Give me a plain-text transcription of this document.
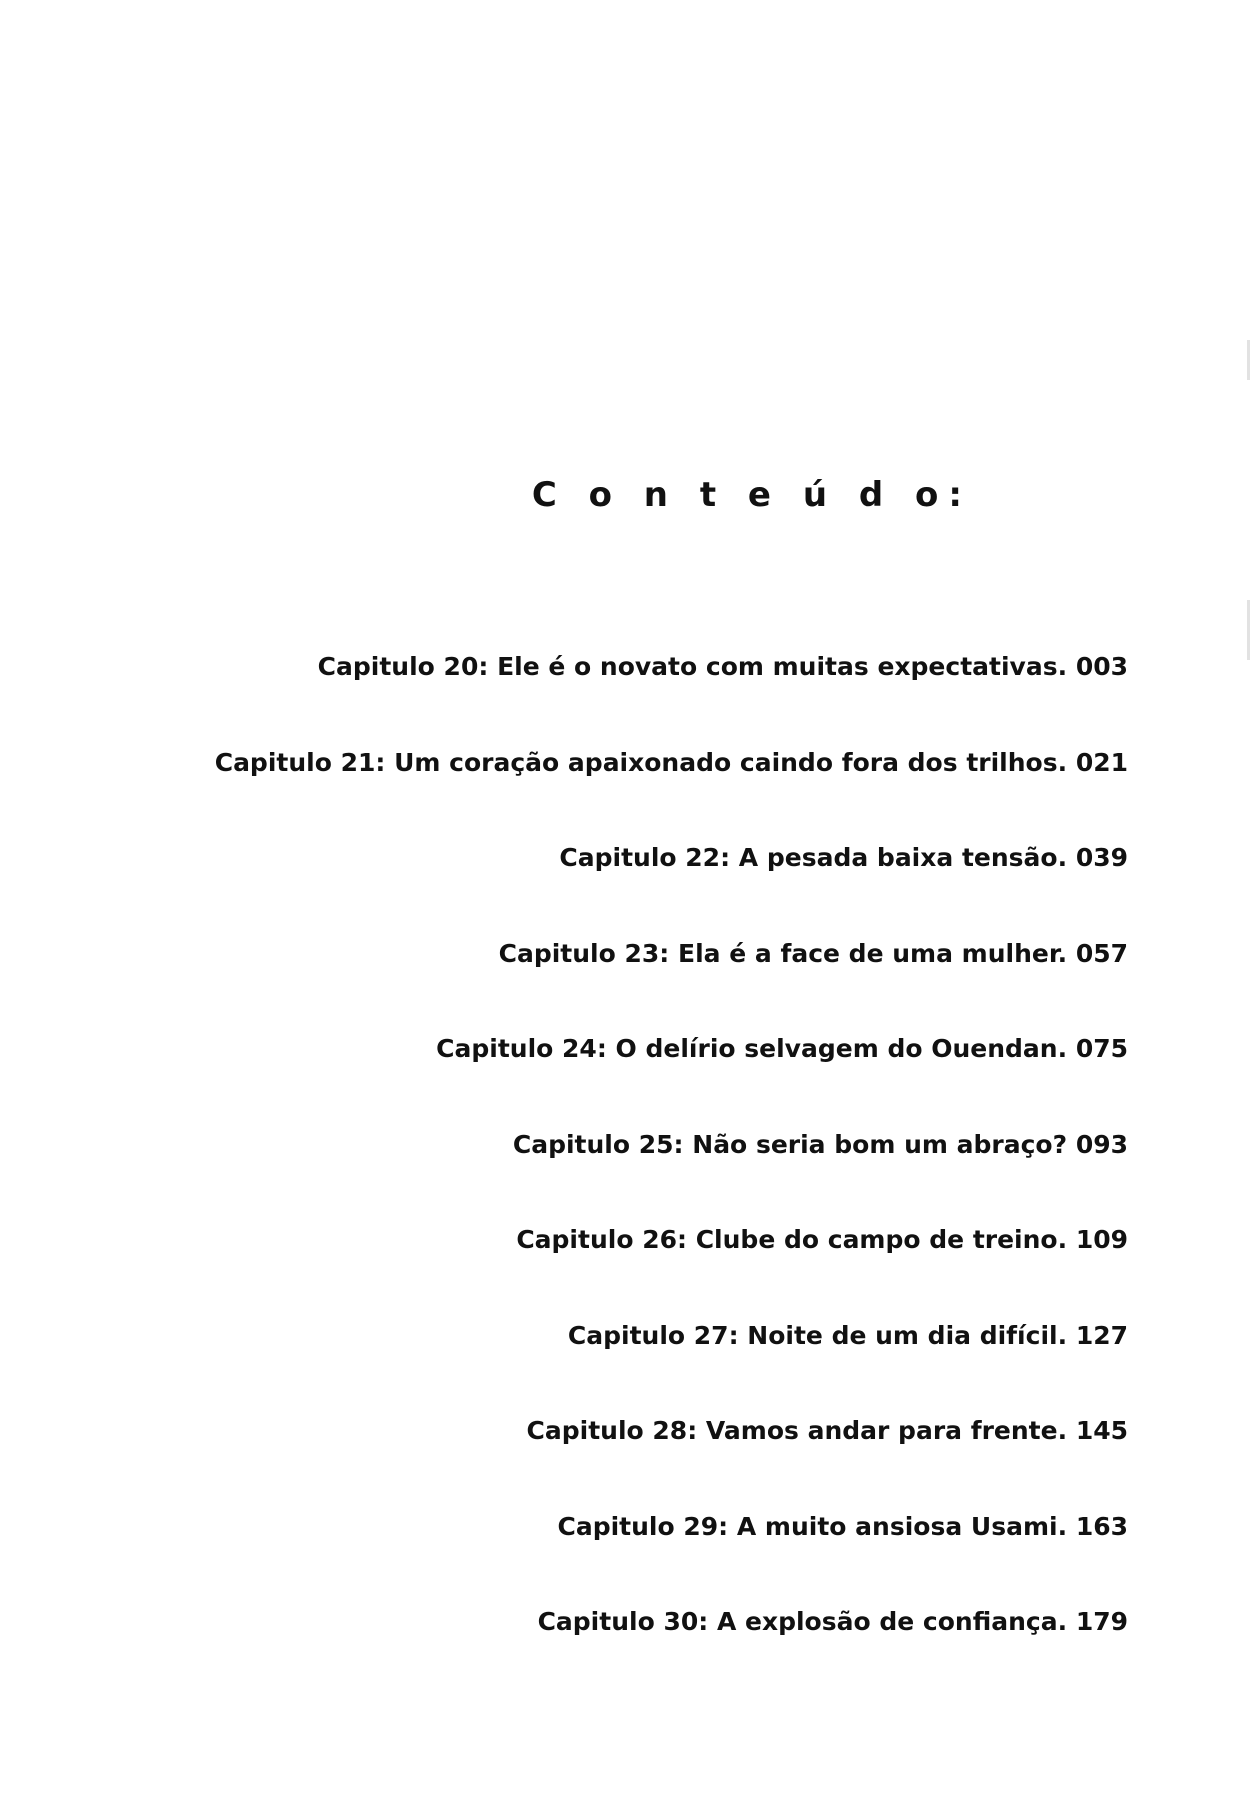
C o n t e ú d o:
Capitulo 20: Ele é o novato com muitas expectativas. 003
Capitulo 21: Um coração apaixonado caindo fora dos trilhos. 021
Capitulo 22: A pesada baixa tensão. 039
Capitulo 23: Ela é a face de uma mulher. 057
Capitulo 24: O delírio selvagem do Ouendan. 075
Capitulo 25: Não seria bom um abraço? 093
Capitulo 26: Clube do campo de treino. 109
Capitulo 27: Noite de um dia difícil. 127
Capitulo 28: Vamos andar para frente. 145
Capitulo 29: A muito ansiosa Usami. 163
Capitulo 30: A explosão de confiança. 179
